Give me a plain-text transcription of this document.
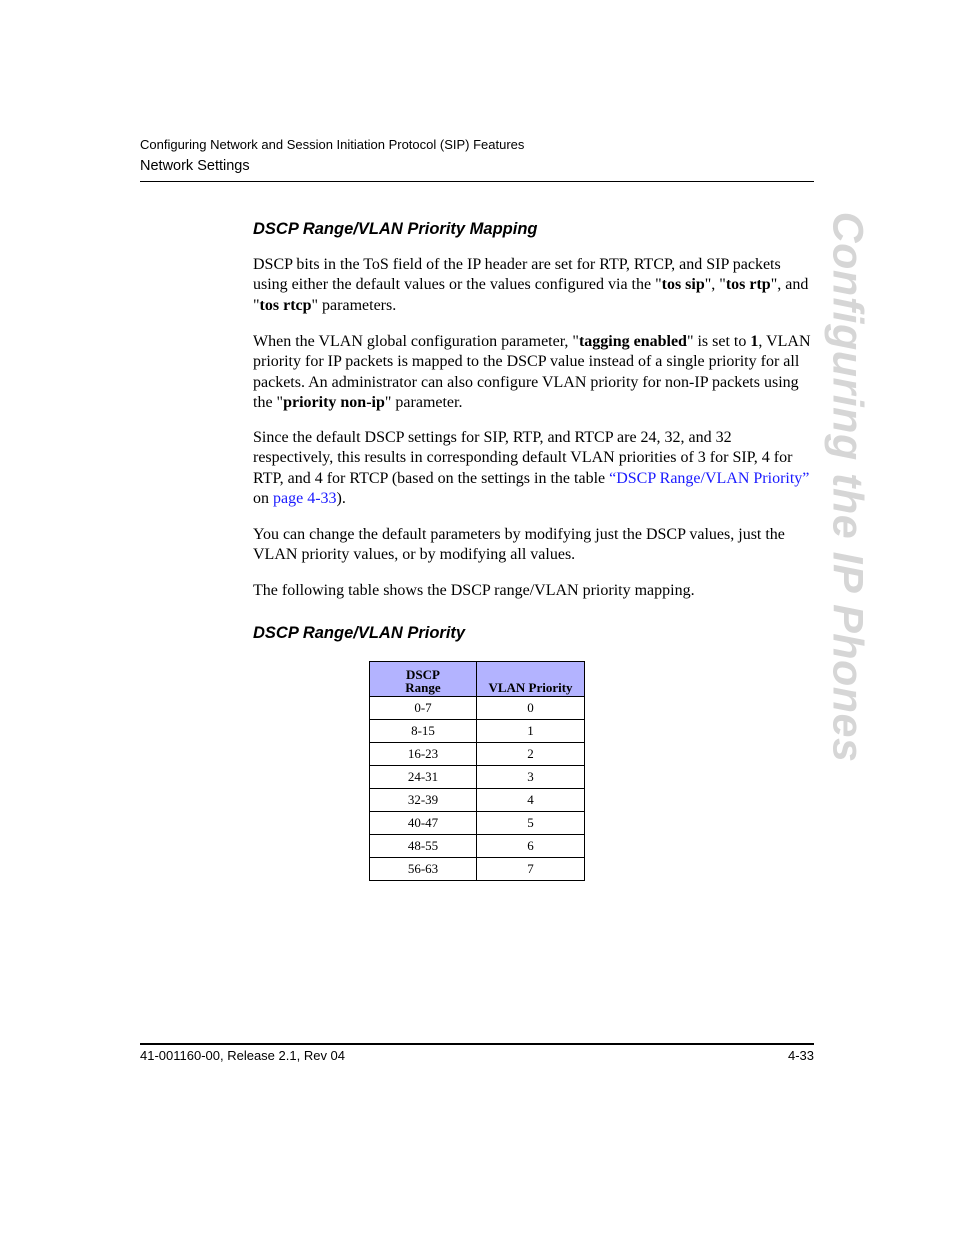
Configuring Network and Session Initiation Protocol (SIP) Features
Network Settings
Configuring the IP Phones
DSCP Range/VLAN Priority Mapping

DSCP bits in the ToS field of the IP header are set for RTP, RTCP, and SIP packets using either the default values or the values configured via the "tos sip", "tos rtp", and "tos rtcp" parameters.

When the VLAN global configuration parameter, "tagging enabled" is set to 1, VLAN priority for IP packets is mapped to the DSCP value instead of a single priority for all packets. An administrator can also configure VLAN priority for non-IP packets using the "priority non-ip" parameter.

Since the default DSCP settings for SIP, RTP, and RTCP are 24, 32, and 32 respectively, this results in corresponding default VLAN priorities of 3 for SIP, 4 for RTP, and 4 for RTCP (based on the settings in the table “DSCP Range/VLAN Priority” on page 4-33).

You can change the default parameters by modifying just the DSCP values, just the VLAN priority values, or by modifying all values.

The following table shows the DSCP range/VLAN priority mapping.

DSCP Range/VLAN Priority
DSCP
Range	VLAN Priority
0-7	0
8-15	1
16-23	2
24-31	3
32-39	4
40-47	5
48-55	6
56-63	7
41-001160-00, Release 2.1, Rev 04	4-33
